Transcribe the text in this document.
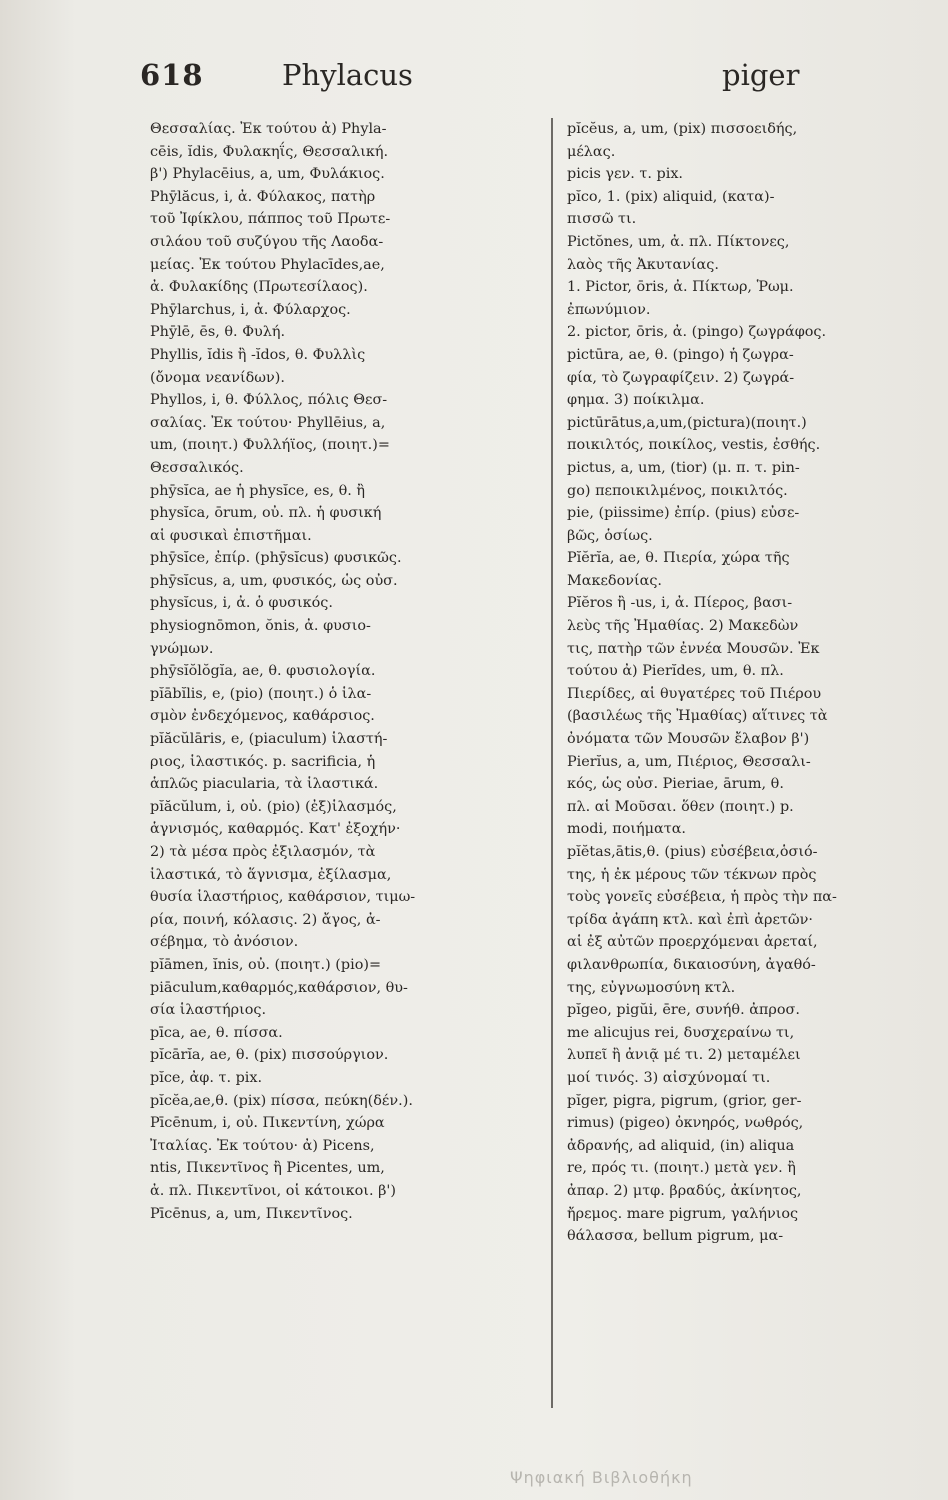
618	Phylacus	piger
Θεσσαλίας. Ἐκ τούτου ἀ) Phyla-
cēis, ĭdis, Φυλακηΐς, Θεσσαλική.
β') Phylacēius, a, um, Φυλάκιος.
Phȳlăcus, i, ἀ. Φύλακος, πατὴρ
τοῦ Ἰφίκλου, πάππος τοῦ Πρωτε-
σιλάου τοῦ συζύγου τῆς Λαοδα-
μείας. Ἐκ τούτου Phylacīdes,ae,
ἀ. Φυλακίδης (Πρωτεσίλαος).
Phȳlarchus, i, ἀ. Φύλαρχος.
Phȳlē, ēs, θ. Φυλή.
Phyllis, ĭdis ἢ -ĭdos, θ. Φυλλὶς
(ὄνομα νεανίδων).
Phyllos, i, θ. Φύλλος, πόλις Θεσ-
σαλίας. Ἐκ τούτου· Phyllēius, a,
um, (ποιητ.) Φυλλήϊος, (ποιητ.)=
Θεσσαλικός.
phȳsĭca, ae ἡ physĭce, es, θ. ἢ
physĭca, ōrum, οὐ. πλ. ἡ φυσική
αἱ φυσικαὶ ἐπιστῆμαι.
phȳsĭce, ἐπίρ. (phȳsĭcus) φυσικῶς.
phȳsĭcus, a, um, φυσικός, ὡς οὐσ.
physĭcus, i, ἀ. ὁ φυσικός.
physiognōmon, ŏnis, ἀ. φυσιο-
γνώμων.
phȳsĭŏlŏgĭa, ae, θ. φυσιολογία.
pĭābĭlis, e, (pio) (ποιητ.) ὁ ἱλα-
σμὸν ἐνδεχόμενος, καθάρσιος.
pĭăcŭlāris, e, (piaculum) ἱλαστή-
ριος, ἱλαστικός. p. sacrificia, ἡ
ἁπλῶς piacularia, τὰ ἱλαστικά.
pĭăcŭlum, i, οὐ. (pio) (ἐξ)ἱλασμός,
ἁγνισμός, καθαρμός. Κατ' ἐξοχήν·
2) τὰ μέσα πρὸς ἐξιλασμόν, τὰ
ἱλαστικά, τὸ ἅγνισμα, ἐξίλασμα,
θυσία ἱλαστήριος, καθάρσιον, τιμω-
ρία, ποινή, κόλασις. 2) ἄγος, ἀ-
σέβημα, τὸ ἀνόσιον.
pĭāmen, ĭnis, οὐ. (ποιητ.) (pio)=
piāculum,καθαρμός,καθάρσιον, θυ-
σία ἱλαστήριος.
pīca, ae, θ. πίσσα.
pĭcārĭa, ae, θ. (pix) πισσούργιον.
pĭce, ἀφ. τ. pix.
pĭcĕa,ae,θ. (pix) πίσσα, πεύκη(δέν.).
Pīcēnum, i, οὐ. Πικεντίνη, χώρα
Ἰταλίας. Ἐκ τούτου· ἀ) Picens,
ntis, Πικεντῖνος ἢ Picentes, um,
ἀ. πλ. Πικεντῖνοι, οἱ κάτοικοι. β')
Pīcēnus, a, um, Πικεντῖνος.
pĭcĕus, a, um, (pix) πισσοειδής,
μέλας.
picis γεν. τ. pix.
pĭco, 1. (pix) aliquid, (κατα)-
πισσῶ τι.
Pictŏnes, um, ἀ. πλ. Πίκτονες,
λαὸς τῆς Ἀκυτανίας.
1. Pictor, ōris, ἀ. Πίκτωρ, Ῥωμ.
ἐπωνύμιον.
2. pictor, ōris, ἀ. (pingo) ζωγράφος.
pictūra, ae, θ. (pingo) ἡ ζωγρα-
φία, τὸ ζωγραφίζειν. 2) ζωγρά-
φημα. 3) ποίκιλμα.
pictūrātus,a,um,(pictura)(ποιητ.)
ποικιλτός, ποικίλος, vestis, ἐσθής.
pictus, a, um, (tior) (μ. π. τ. pin-
go) πεποικιλμένος, ποικιλτός.
pie, (piissime) ἐπίρ. (pius) εὐσε-
βῶς, ὁσίως.
Pĭĕrĭa, ae, θ. Πιερία, χώρα τῆς
Μακεδονίας.
Pĭĕros ἢ -us, i, ἀ. Πίερος, βασι-
λεὺς τῆς Ἠμαθίας. 2) Μακεδὼν
τις, πατὴρ τῶν ἐννέα Μουσῶν. Ἐκ
τούτου ἀ) Pierĭdes, um, θ. πλ.
Πιερίδες, αἱ θυγατέρες τοῦ Πιέρου
(βασιλέως τῆς Ἠμαθίας) αἵτινες τὰ
ὀνόματα τῶν Μουσῶν ἔλαβον β')
Pierĭus, a, um, Πιέριος, Θεσσαλι-
κός, ὡς οὐσ. Pieriae, ārum, θ.
πλ. αἱ Μοῦσαι. ὅθεν (ποιητ.) p.
modi, ποιήματα.
pĭĕtas,ātis,θ. (pius) εὐσέβεια,ὁσιό-
της, ἡ ἐκ μέρους τῶν τέκνων πρὸς
τοὺς γονεῖς εὐσέβεια, ἡ πρὸς τὴν πα-
τρίδα ἀγάπη κτλ. καὶ ἐπὶ ἀρετῶν·
αἱ ἐξ αὐτῶν προερχόμεναι ἀρεταί,
φιλανθρωπία, δικαιοσύνη, ἀγαθό-
της, εὐγνωμοσύνη κτλ.
pĭgeo, pigŭi, ēre, συνήθ. ἀπροσ.
me alicujus rei, δυσχεραίνω τι,
λυπεῖ ἢ ἀνιᾷ μέ τι. 2) μεταμέλει
μοί τινός. 3) αἰσχύνομαί τι.
pĭger, pigra, pigrum, (grior, ger-
rimus) (pigeo) ὀκνηρός, νωθρός,
ἀδρανής, ad aliquid, (in) aliqua
re, πρός τι. (ποιητ.) μετὰ γεν. ἢ
ἀπαρ. 2) μτφ. βραδύς, ἀκίνητος,
ἤρεμος. mare pigrum, γαλήνιος
θάλασσα, bellum pigrum, μα-
Ψηφιακή Βιβλιοθήκη
